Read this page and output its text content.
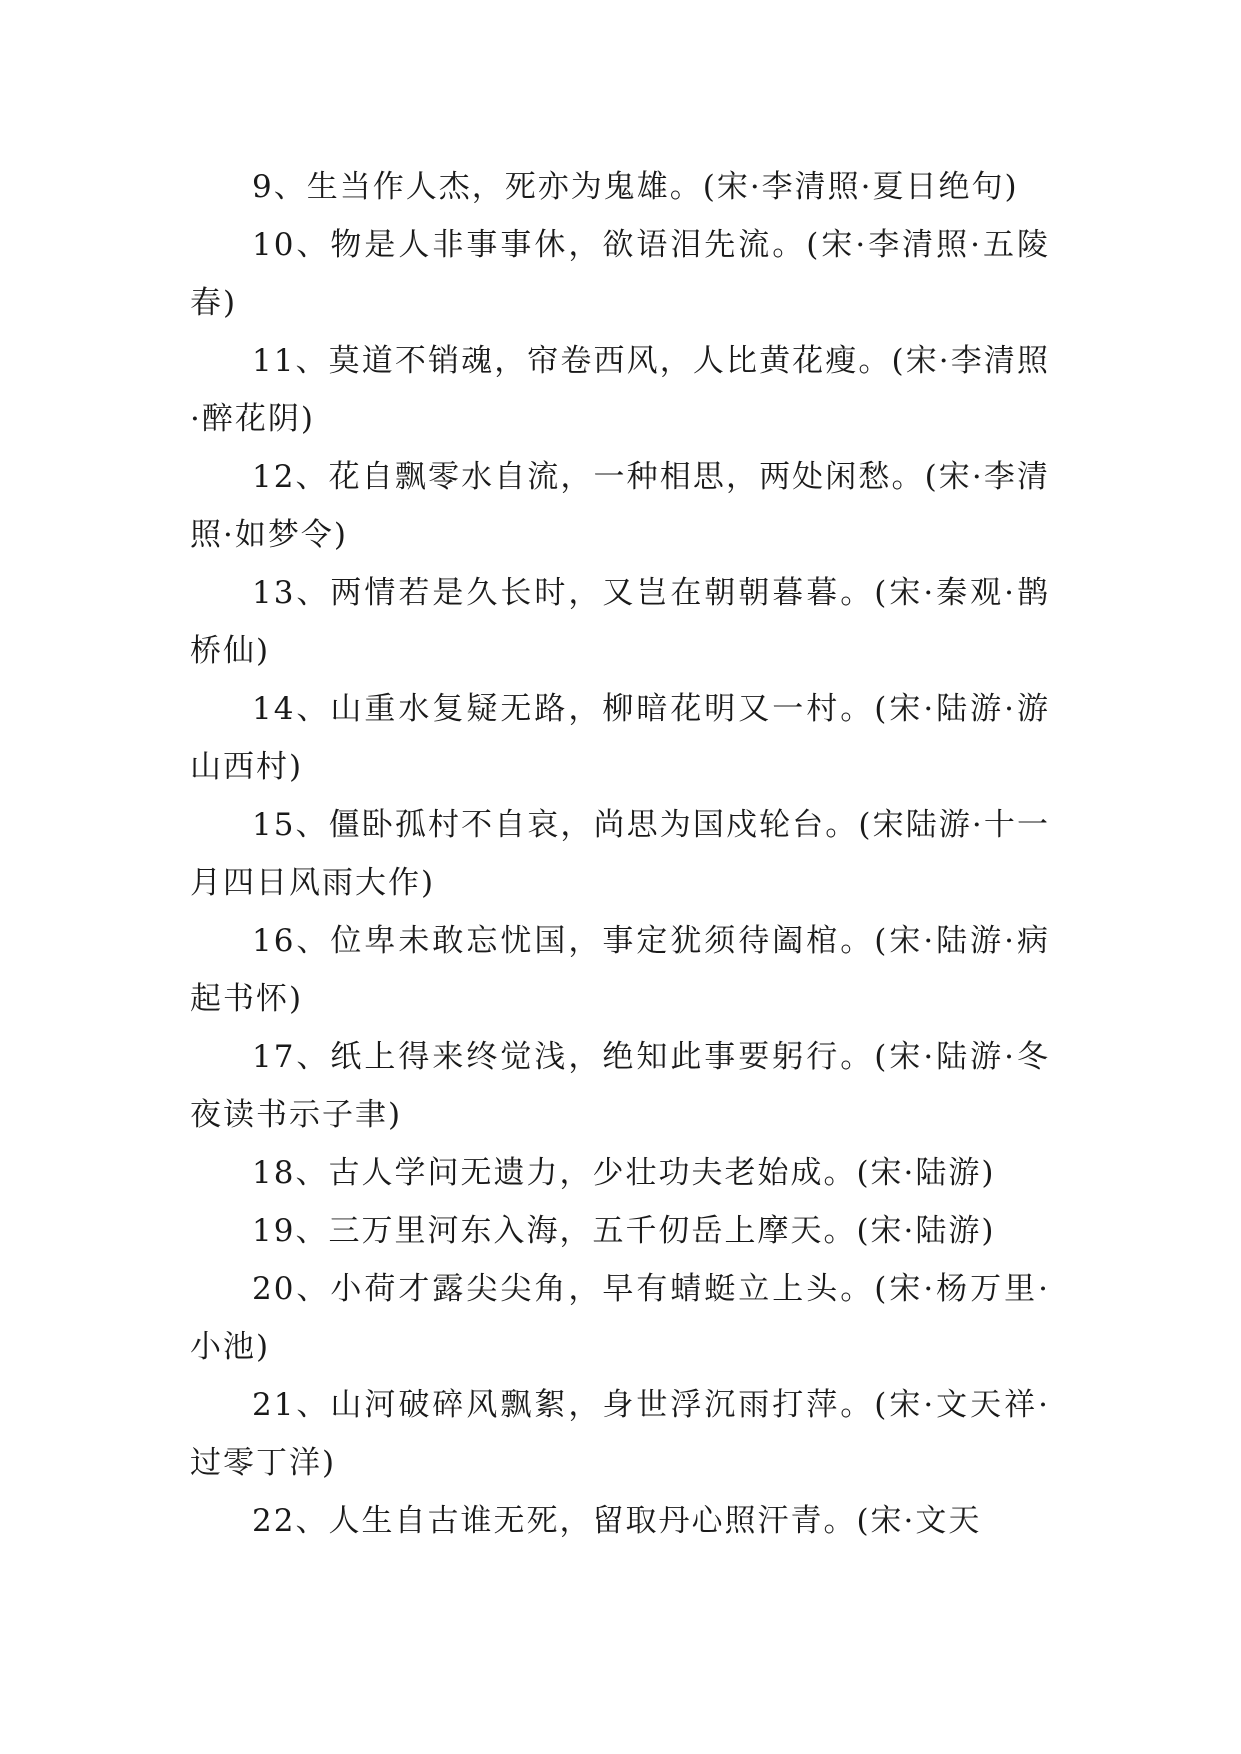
9、生当作人杰，死亦为鬼雄。(宋·李清照·夏日绝句)

10、物是人非事事休，欲语泪先流。(宋·李清照·五陵春)

11、莫道不销魂，帘卷西风，人比黄花瘦。(宋·李清照·醉花阴)

12、花自飘零水自流，一种相思，两处闲愁。(宋·李清照·如梦令)

13、两情若是久长时，又岂在朝朝暮暮。(宋·秦观·鹊桥仙)

14、山重水复疑无路，柳暗花明又一村。(宋·陆游·游山西村)

15、僵卧孤村不自哀，尚思为国戍轮台。(宋陆游·十一月四日风雨大作)

16、位卑未敢忘忧国，事定犹须待阖棺。(宋·陆游·病起书怀)

17、纸上得来终觉浅，绝知此事要躬行。(宋·陆游·冬夜读书示子聿)

18、古人学问无遗力，少壮功夫老始成。(宋·陆游)

19、三万里河东入海，五千仞岳上摩天。(宋·陆游)

20、小荷才露尖尖角，早有蜻蜓立上头。(宋·杨万里·小池)

21、山河破碎风飘絮，身世浮沉雨打萍。(宋·文天祥·过零丁洋)

22、人生自古谁无死，留取丹心照汗青。(宋·文天
